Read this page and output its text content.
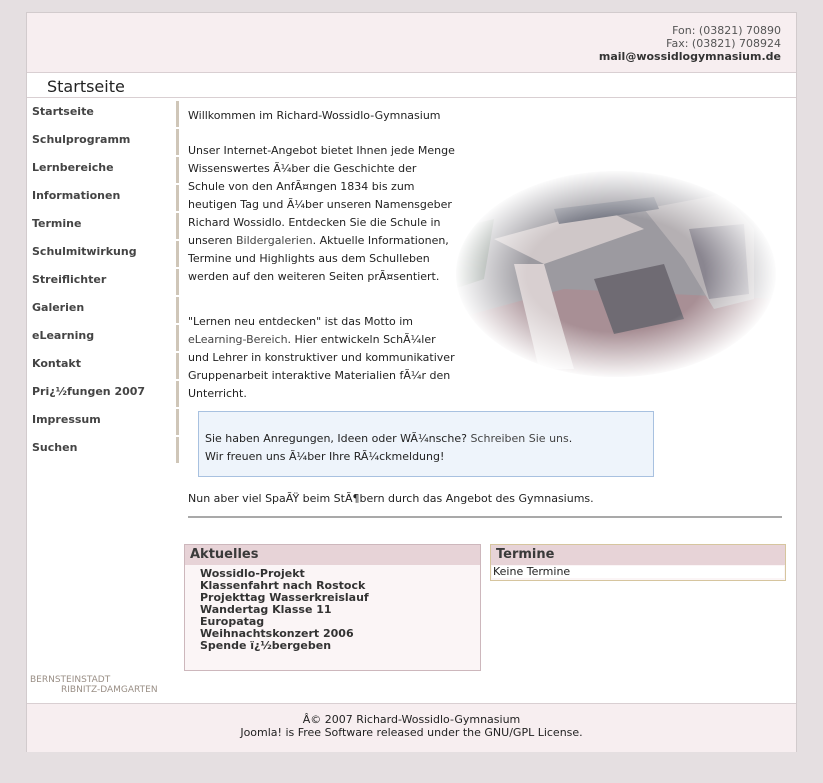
Fon: (03821) 70890
Fax: (03821) 708924
mail@wossidlogymnasium.de
Startseite
Startseite
Schulprogramm
Lernbereiche
Informationen
Termine
Schulmitwirkung
Streiflichter
Galerien
eLearning
Kontakt
Pri¿½fungen 2007
Impressum
Suchen

Willkommen im Richard-Wossidlo-Gymnasium

Unser Internet-Angebot bietet Ihnen jede Menge Wissenswertes Ã¼ber die Geschichte der Schule von den AnfÃ¤ngen 1834 bis zum heutigen Tag und Ã¼ber unseren Namensgeber Richard Wossidlo. Entdecken Sie die Schule in unseren Bildergalerien. Aktuelle Informationen, Termine und Highlights aus dem Schulleben werden auf den weiteren Seiten prÃ¤sentiert.

"Lernen neu entdecken" ist das Motto im eLearning-Bereich. Hier entwickeln SchÃ¼ler und Lehrer in konstruktiver und kommunikativer Gruppenarbeit interaktive Materialien fÃ¼r den Unterricht.

Sie haben Anregungen, Ideen oder WÃ¼nsche? Schreiben Sie uns.
Wir freuen uns Ã¼ber Ihre RÃ¼ckmeldung!

Nun aber viel SpaÃŸ beim StÃ¶bern durch das Angebot des Gymnasiums.

Aktuelles
Wossidlo-Projekt
Klassenfahrt nach Rostock
Projekttag Wasserkreislauf
Wandertag Klasse 11
Europatag
Weihnachtskonzert 2006
Spende ï¿½bergeben
Termine
Keine Termine
BERNSTEINSTADT
RIBNITZ-DAMGARTEN
Â© 2007 Richard-Wossidlo-Gymnasium
Joomla! is Free Software released under the GNU/GPL License.
